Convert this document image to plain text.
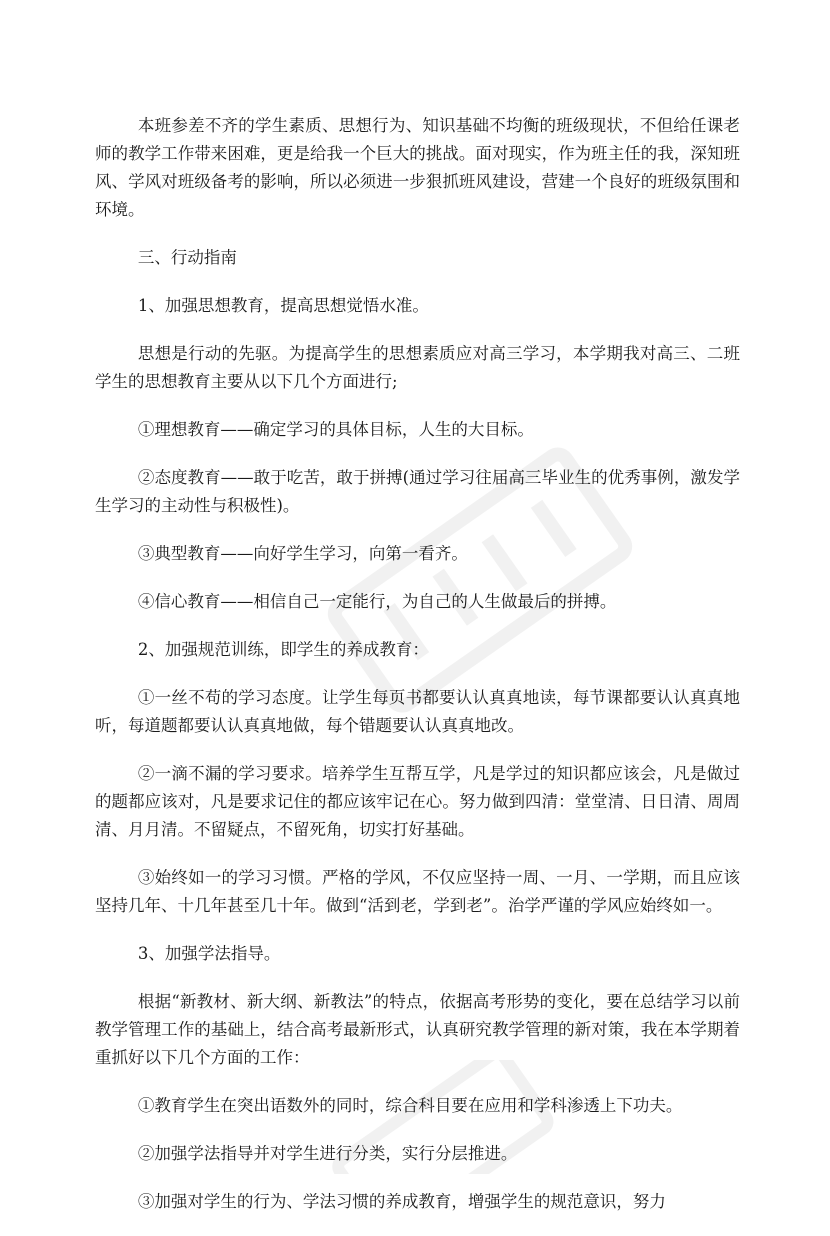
本班参差不齐的学生素质、思想行为、知识基础不均衡的班级现状，不但给任课老师的教学工作带来困难，更是给我一个巨大的挑战。面对现实，作为班主任的我，深知班风、学风对班级备考的影响，所以必须进一步狠抓班风建设，营建一个良好的班级氛围和环境。

三、行动指南

1、加强思想教育，提高思想觉悟水准。

思想是行动的先驱。为提高学生的思想素质应对高三学习，本学期我对高三、二班学生的思想教育主要从以下几个方面进行;

①理想教育——确定学习的具体目标，人生的大目标。

②态度教育——敢于吃苦，敢于拼搏(通过学习往届高三毕业生的优秀事例，激发学生学习的主动性与积极性)。

③典型教育——向好学生学习，向第一看齐。

④信心教育——相信自己一定能行，为自己的人生做最后的拼搏。

2、加强规范训练，即学生的养成教育：

①一丝不苟的学习态度。让学生每页书都要认认真真地读，每节课都要认认真真地听，每道题都要认认真真地做，每个错题要认认真真地改。

②一滴不漏的学习要求。培养学生互帮互学，凡是学过的知识都应该会，凡是做过的题都应该对，凡是要求记住的都应该牢记在心。努力做到四清：堂堂清、日日清、周周清、月月清。不留疑点，不留死角，切实打好基础。

③始终如一的学习习惯。严格的学风，不仅应坚持一周、一月、一学期，而且应该坚持几年、十几年甚至几十年。做到“活到老，学到老”。治学严谨的学风应始终如一。

3、加强学法指导。

根据“新教材、新大纲、新教法”的特点，依据高考形势的变化，要在总结学习以前教学管理工作的基础上，结合高考最新形式，认真研究教学管理的新对策，我在本学期着重抓好以下几个方面的工作：

①教育学生在突出语数外的同时，综合科目要在应用和学科渗透上下功夫。

②加强学法指导并对学生进行分类，实行分层推进。

③加强对学生的行为、学法习惯的养成教育，增强学生的规范意识，努力
